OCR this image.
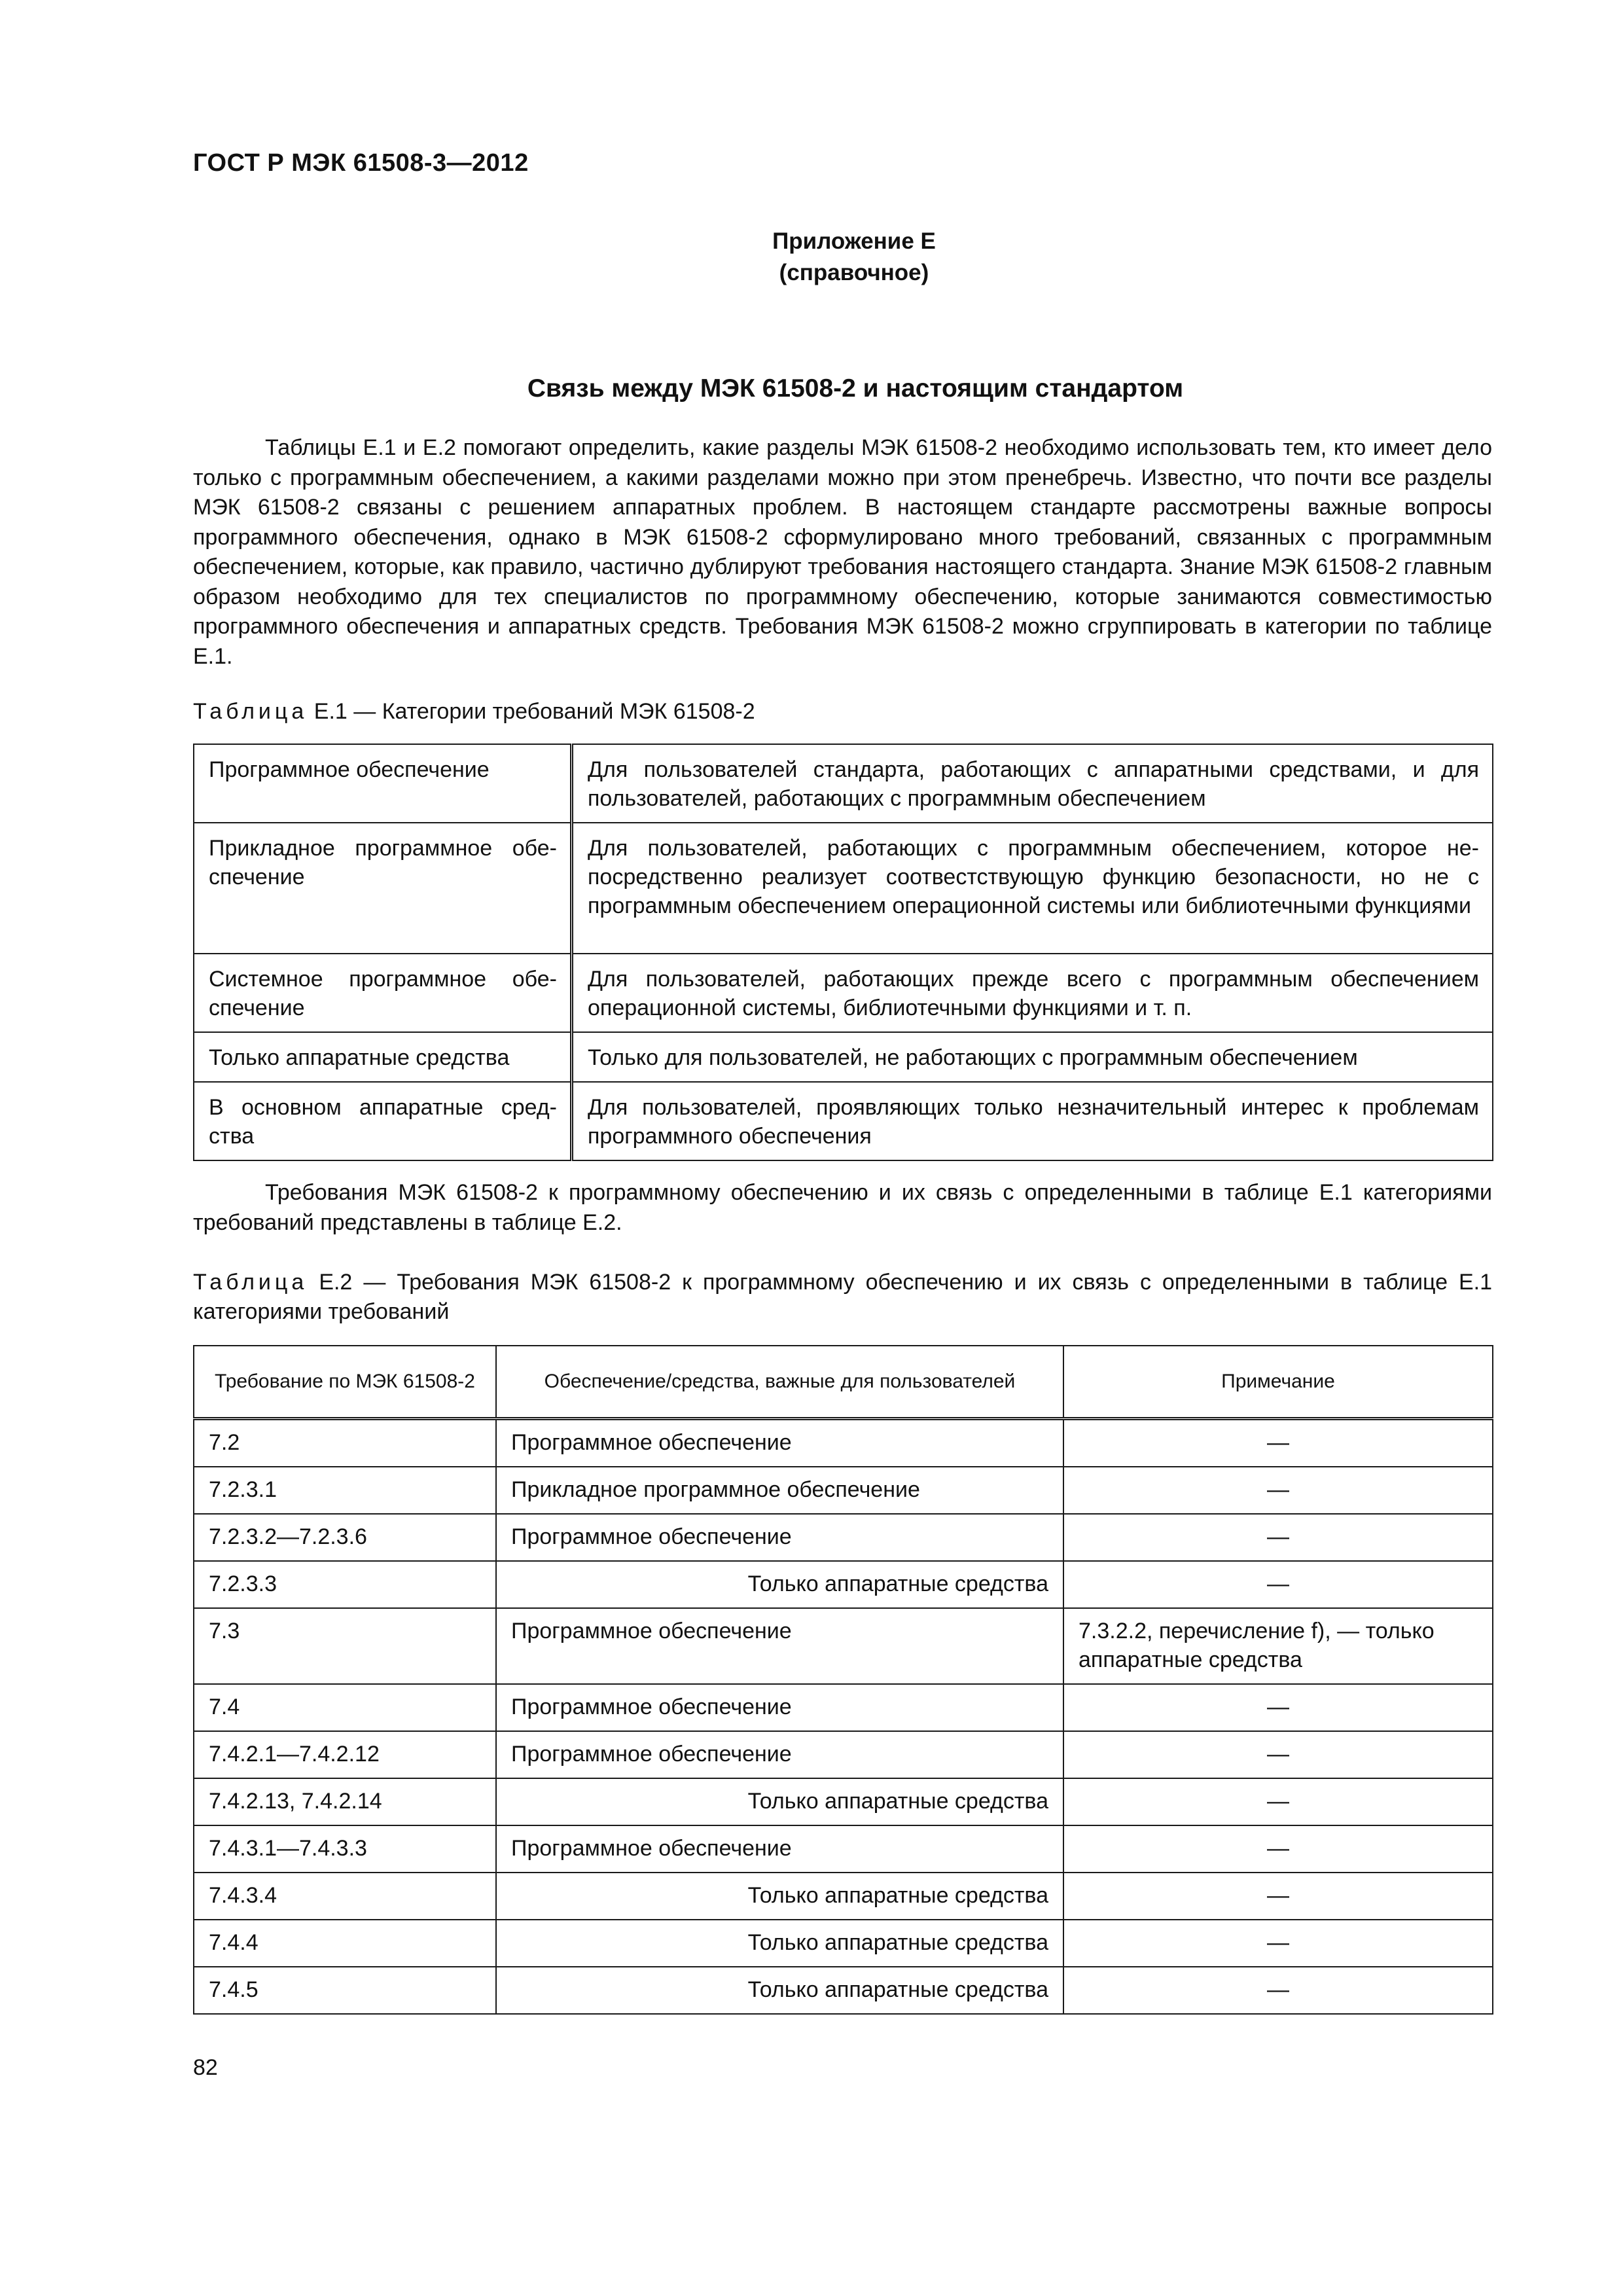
ГОСТ Р МЭК 61508-3—2012
Приложение E
(справочное)
Связь между МЭК 61508-2 и настоящим стандартом

Таблицы E.1 и E.2 помогают определить, какие разделы МЭК 61508-2 необходимо использовать тем, кто имеет дело только с программным обеспечением, а какими разделами можно при этом пренебречь. Известно, что почти все разделы МЭК 61508-2 связаны с решением аппаратных проблем. В настоящем стандарте рассмотрены важные вопросы программного обеспечения, однако в МЭК 61508-2 сформулировано много требований, связанных с программным обеспечением, которые, как правило, частично дублируют требования настоящего стандарта. Знание МЭК 61508-2 главным образом необходимо для тех специалистов по программному обеспечению, которые занимаются совместимостью программного обеспечения и аппаратных средств. Требования МЭК 61508-2 можно сгруппировать в категории по таблице E.1.

Таблица E.1 — Категории требований МЭК 61508-2

Программное обеспечение	Для пользователей стандарта, работающих с аппаратными средствами, и для пользователей, работающих с программным обеспечением
Прикладное программное обеспечение	Для пользователей, работающих с программным обеспечением, которое непосредственно реализует соотвестствующую функцию безопасности, но не с программным обеспечением операционной системы или библиотечными функциями
Системное программное обеспечение	Для пользователей, работающих прежде всего с программным обеспечением операционной системы, библиотечными функциями и т. п.
Только аппаратные средства	Только для пользователей, не работающих с программным обеспечением
В основном аппаратные средства	Для пользователей, проявляющих только незначительный интерес к проблемам программного обеспечения

Требования МЭК 61508-2 к программному обеспечению и их связь с определенными в таблице E.1 категориями требований представлены в таблице E.2.

Таблица E.2 — Требования МЭК 61508-2 к программному обеспечению и их связь с определенными в таблице E.1 категориями требований

Требование по МЭК 61508-2	Обеспечение/средства, важные для пользователей	Примечание
7.2	Программное обеспечение	—
7.2.3.1	Прикладное программное обеспечение	—
7.2.3.2—7.2.3.6	Программное обеспечение	—
7.2.3.3	Только аппаратные средства	—
7.3	Программное обеспечение	7.3.2.2, перечисление f), — только аппаратные средства
7.4	Программное обеспечение	—
7.4.2.1—7.4.2.12	Программное обеспечение	—
7.4.2.13, 7.4.2.14	Только аппаратные средства	—
7.4.3.1—7.4.3.3	Программное обеспечение	—
7.4.3.4	Только аппаратные средства	—
7.4.4	Только аппаратные средства	—
7.4.5	Только аппаратные средства	—
82
